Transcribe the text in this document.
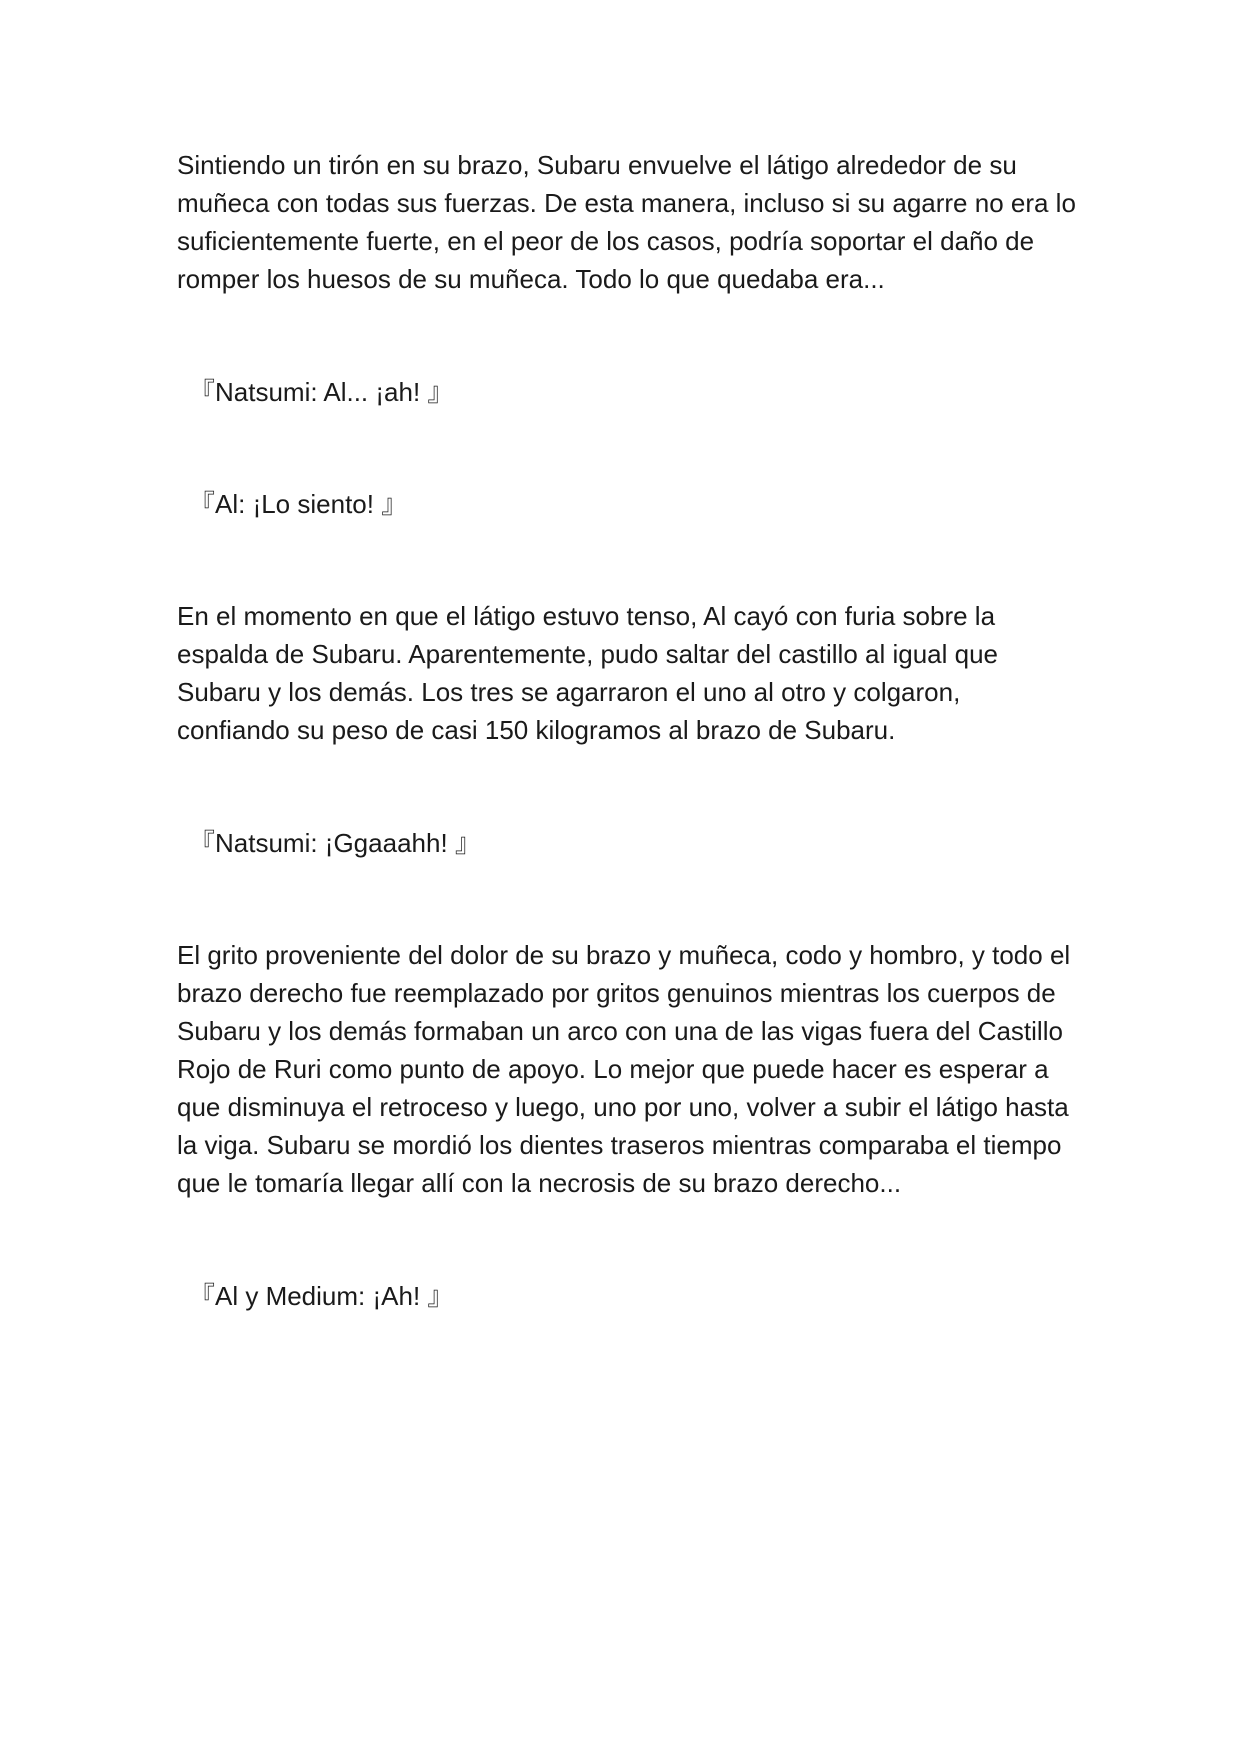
Sintiendo un tirón en su brazo, Subaru envuelve el látigo alrededor de su muñeca con todas sus fuerzas. De esta manera, incluso si su agarre no era lo suficientemente fuerte, en el peor de los casos, podría soportar el daño de romper los huesos de su muñeca. Todo lo que quedaba era...

『Natsumi: Al... ¡ah! 』

『Al: ¡Lo siento! 』

En el momento en que el látigo estuvo tenso, Al cayó con furia sobre la espalda de Subaru. Aparentemente, pudo saltar del castillo al igual que Subaru y los demás. Los tres se agarraron el uno al otro y colgaron, confiando su peso de casi 150 kilogramos al brazo de Subaru.

『Natsumi: ¡Ggaaahh! 』

El grito proveniente del dolor de su brazo y muñeca, codo y hombro, y todo el brazo derecho fue reemplazado por gritos genuinos mientras los cuerpos de Subaru y los demás formaban un arco con una de las vigas fuera del Castillo Rojo de Ruri como punto de apoyo. Lo mejor que puede hacer es esperar a que disminuya el retroceso y luego, uno por uno, volver a subir el látigo hasta la viga. Subaru se mordió los dientes traseros mientras comparaba el tiempo que le tomaría llegar allí con la necrosis de su brazo derecho...

『Al y Medium: ¡Ah! 』
